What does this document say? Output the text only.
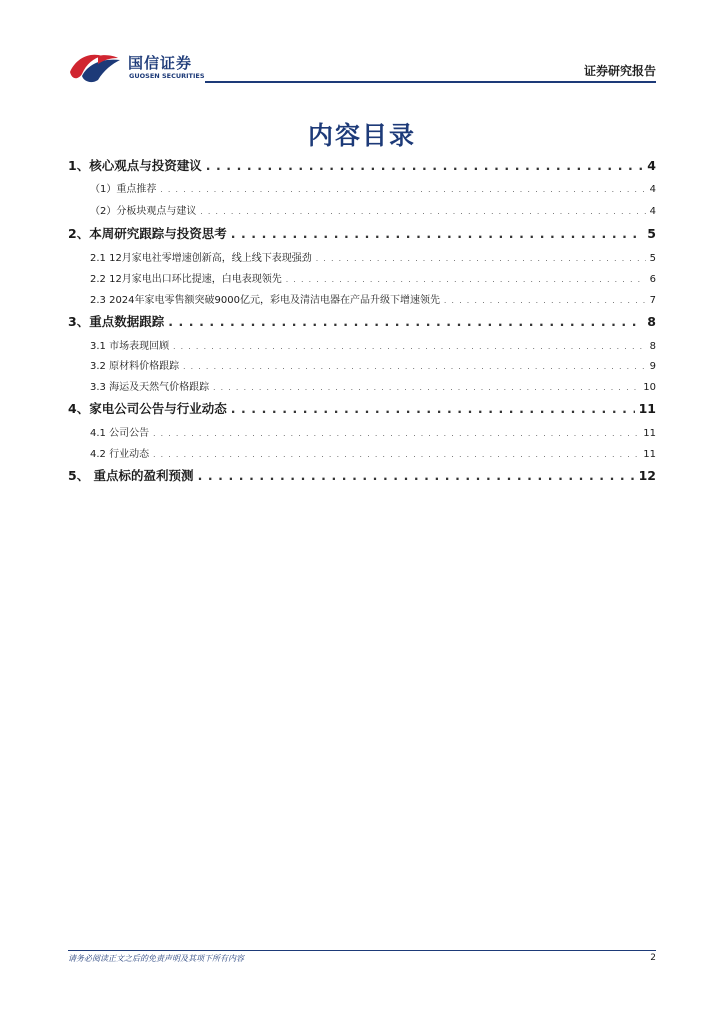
国信证券
GUOSEN SECURITIES	证券研究报告
内容目录
1、核心观点与投资建议 . . .	4
（1）重点推荐 . . .	4
（2）分板块观点与建议 . . .	4
2、本周研究跟踪与投资思考 . . .	5
2.1 12月家电社零增速创新高，线上线下表现强劲 . . .	5
2.2 12月家电出口环比提速，白电表现领先 . . .	6
2.3 2024年家电零售额突破9000亿元，彩电及清洁电器在产品升级下增速领先 . . .	7
3、重点数据跟踪 . . .	8
3.1 市场表现回顾 . . .	8
3.2 原材料价格跟踪 . . .	9
3.3 海运及天然气价格跟踪 . . .	10
4、家电公司公告与行业动态 . . .	11
4.1 公司公告 . . .	11
4.2 行业动态 . . .	11
5、 重点标的盈利预测 . . .	12
请务必阅读正文之后的免责声明及其项下所有内容	2
